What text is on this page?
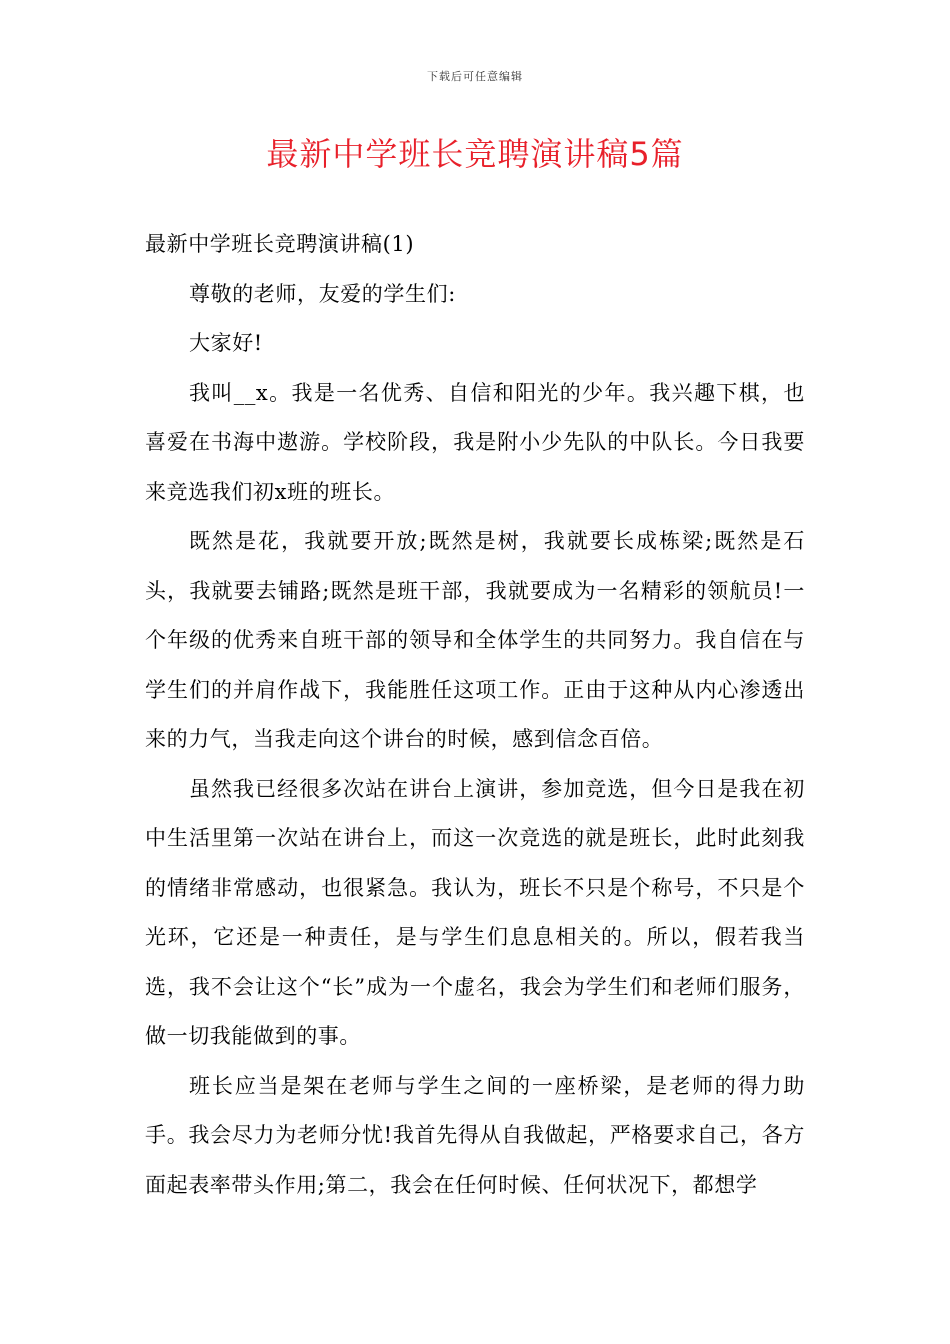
下载后可任意编辑
最新中学班长竞聘演讲稿5篇

最新中学班长竞聘演讲稿(1)

尊敬的老师，友爱的学生们:

大家好!

我叫__x。我是一名优秀、自信和阳光的少年。我兴趣下棋，也喜爱在书海中遨游。学校阶段，我是附小少先队的中队长。今日我要来竞选我们初x班的班长。

既然是花，我就要开放;既然是树，我就要长成栋梁;既然是石头，我就要去铺路;既然是班干部，我就要成为一名精彩的领航员!一个年级的优秀来自班干部的领导和全体学生的共同努力。我自信在与学生们的并肩作战下，我能胜任这项工作。正由于这种从内心渗透出来的力气，当我走向这个讲台的时候，感到信念百倍。

虽然我已经很多次站在讲台上演讲，参加竞选，但今日是我在初中生活里第一次站在讲台上，而这一次竞选的就是班长，此时此刻我的情绪非常感动，也很紧急。我认为，班长不只是个称号，不只是个光环，它还是一种责任，是与学生们息息相关的。所以，假若我当选，我不会让这个“长”成为一个虚名，我会为学生们和老师们服务，做一切我能做到的事。

班长应当是架在老师与学生之间的一座桥梁，是老师的得力助手。我会尽力为老师分忧!我首先得从自我做起，严格要求自己，各方面起表率带头作用;第二，我会在任何时候、任何状况下，都想学
